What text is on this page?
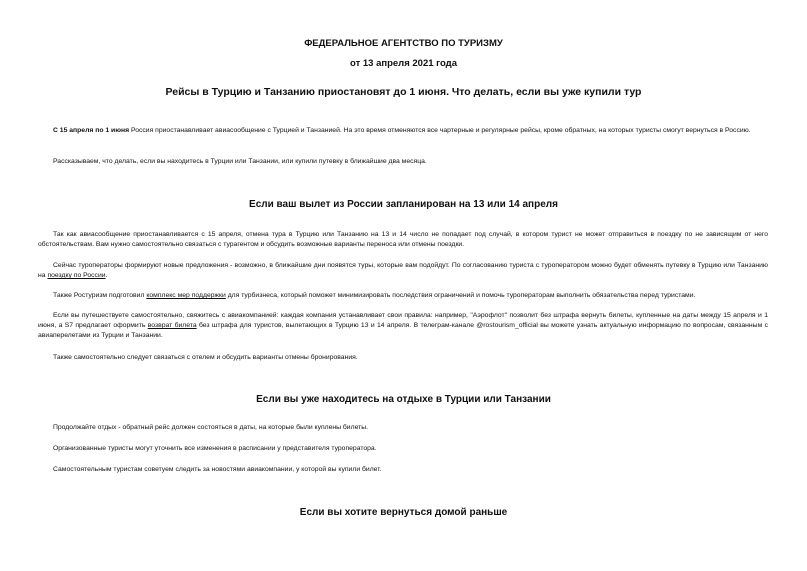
ФЕДЕРАЛЬНОЕ АГЕНТСТВО ПО ТУРИЗМУ
от 13 апреля 2021 года
Рейсы в Турцию и Танзанию приостановят до 1 июня. Что делать, если вы уже купили тур

С 15 апреля по 1 июня Россия приостанавливает авиасообщение с Турцией и Танзанией. На это время отменяются все чартерные и регулярные рейсы, кроме обратных, на которых туристы смогут вернуться в Россию.

Рассказываем, что делать, если вы находитесь в Турции или Танзании, или купили путевку в ближайшие два месяца.

Если ваш вылет из России запланирован на 13 или 14 апреля

Так как авиасообщение приостанавливается с 15 апреля, отмена тура в Турцию или Танзанию на 13 и 14 число не попадает под случай, в котором турист не может отправиться в поездку по не зависящим от него обстоятельствам. Вам нужно самостоятельно связаться с турагентом и обсудить возможные варианты переноса или отмены поездки.

Сейчас туроператоры формируют новые предложения - возможно, в ближайшие дни появятся туры, которые вам подойдут. По согласованию туриста с туроператором можно будет обменять путевку в Турцию или Танзанию на поездку по России.

Также Ростуризм подготовил комплекс мер поддержки для турбизнеса, который поможет минимизировать последствия ограничений и помочь туроператорам выполнить обязательства перед туристами.

Если вы путешествуете самостоятельно, свяжитесь с авиакомпанией: каждая компания устанавливает свои правила: например, "Аэрофлот" позволит без штрафа вернуть билеты, купленные на даты между 15 апреля и 1 июня, а S7 предлагает оформить возврат билета без штрафа для туристов, вылетающих в Турцию 13 и 14 апреля. В телеграм-канале @rostourism_official вы можете узнать актуальную информацию по вопросам, связанным с авиаперелетами из Турции и Танзании.

Также самостоятельно следует связаться с отелем и обсудить варианты отмены бронирования.

Если вы уже находитесь на отдыхе в Турции или Танзании

Продолжайте отдых - обратный рейс должен состояться в даты, на которые были куплены билеты.

Организованные туристы могут уточнить все изменения в расписании у представителя туроператора.

Самостоятельным туристам советуем следить за новостями авиакомпании, у которой вы купили билет.

Если вы хотите вернуться домой раньше
